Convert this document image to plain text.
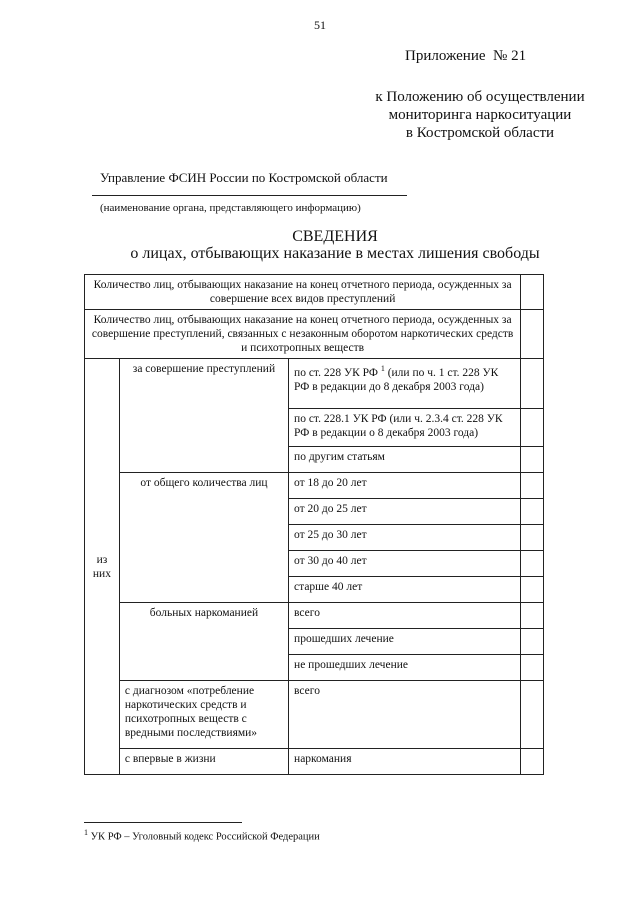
51
Приложение № 21
к Положению об осуществлении
мониторинга наркоситуации
в Костромской области
Управление ФСИН России по Костромской области
(наименование органа, представляющего информацию)
СВЕДЕНИЯ
о лицах, отбывающих наказание в местах лишения свободы
Количество лиц, отбывающих наказание на конец отчетного периода, осужденных за совершение всех видов преступлений			
Количество лиц, отбывающих наказание на конец отчетного периода, осужденных за совершение преступлений, связанных с незаконным оборотом наркотических средств и психотропных веществ			

из
них	за совершение преступлений	по ст. 228 УК РФ $^1$ (или по ч. 1 ст. 228 УК РФ в редакции до 8 декабря 2003 года)	
		по ст. 228.1 УК РФ (или ч. 2.3.4 ст. 228 УК РФ в редакции о 8 декабря 2003 года)	
		по другим статьям	
	от общего количества лиц	от 18 до 20 лет	
		от 20 до 25 лет	
		от 25 до 30 лет	
		от 30 до 40 лет	
		старше 40 лет	
	больных наркоманией	всего	
		прошедших лечение	
		не прошедших лечение	
	с диагнозом «потребление наркотических средств и психотропных веществ с вредными последствиями»	всего	
	с впервые в жизни	наркомания	
$^1$ УК РФ – Уголовный кодекс Российской Федерации
